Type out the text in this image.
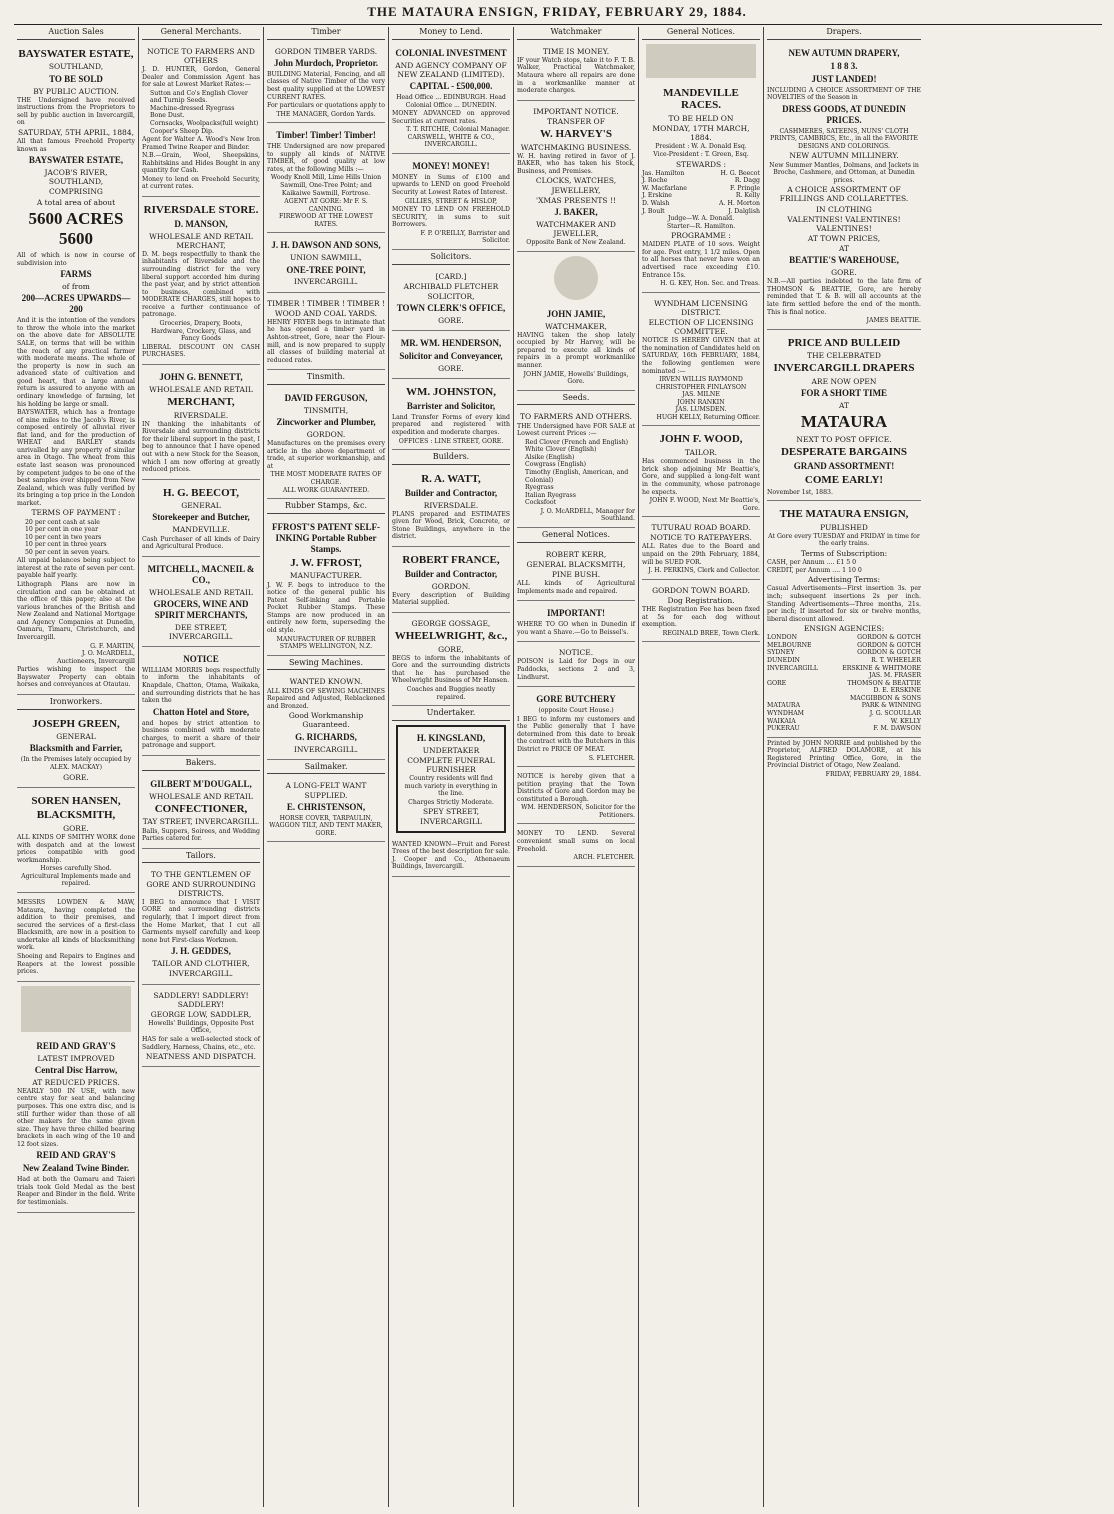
THE MATAURA ENSIGN, FRIDAY, FEBRUARY 29, 1884.
Auction Sales
BAYSWATER ESTATE,
SOUTHLAND,
TO BE SOLD
BY PUBLIC AUCTION.

THE Undersigned have received instructions from the Proprietors to sell by public auction in Invercargill, on

SATURDAY, 5TH APRIL, 1884,

All that famous Freehold Property known as

BAYSWATER ESTATE,
JACOB'S RIVER, SOUTHLAND,
COMPRISING
A total area of about
5600 ACRES 5600

All of which is now in course of subdivision into

FARMS
of from
200—ACRES UPWARDS—200

And it is the intention of the vendors to throw the whole into the market on the above date for ABSOLUTE SALE, on terms that will be within the reach of any practical farmer with moderate means. The whole of the property is now in such an advanced state of cultivation and good heart, that a large annual return is assured to anyone with an ordinary knowledge of farming, let his holding be large or small.

BAYSWATER, which has a frontage of nine miles to the Jacob's River, is composed entirely of alluvial river flat land, and for the production of WHEAT and BARLEY stands unrivalled by any property of similar area in Otago. The wheat from this estate last season was pronounced by competent judges to be one of the best samples ever shipped from New Zealand, which was fully verified by its bringing a top price in the London market.

TERMS OF PAYMENT :
20 per cent cash at sale
10 per cent in one year
10 per cent in two years
10 per cent in three years
50 per cent in seven years.

All unpaid balances being subject to interest at the rate of seven per cent. payable half yearly.

Lithograph Plans are now in circulation and can be obtained at the office of this paper; also at the various branches of the British and New Zealand and National Mortgage and Agency Companies at Dunedin, Oamaru, Timaru, Christchurch, and Invercargill.

G. F. MARTIN,
J. O. McARDELL,
Auctioneers, Invercargill

Parties wishing to inspect the Bayswater Property can obtain horses and conveyances at Otautau.

Ironworkers.
JOSEPH GREEN,
GENERAL
Blacksmith and Farrier,
(In the Premises lately occupied by ALEX. MACKAY)
GORE.
SOREN HANSEN,
BLACKSMITH,
GORE.

ALL KINDS OF SMITHY WORK done with despatch and at the lowest prices compatible with good workmanship.

Horses carefully Shod.
Agricultural Implements made and repaired.

MESSRS LOWDEN & MAW, Mataura, having completed the addition to their premises, and secured the services of a first-class Blacksmith, are now in a position to undertake all kinds of blacksmithing work.

Shoeing and Repairs to Engines and Reapers at the lowest possible prices.

REID AND GRAY'S
LATEST IMPROVED
Central Disc Harrow,
AT REDUCED PRICES.

NEARLY 500 IN USE, with new centre stay for seat and balancing purposes. This one extra disc, and is still further wider than those of all other makers for the same given size. They have three chilled bearing brackets in each wing of the 10 and 12 foot sizes.

REID AND GRAY'S
New Zealand Twine Binder.

Had at both the Oamaru and Taieri trials took Gold Medal as the best Reaper and Binder in the field. Write for testimonials.

General Merchants.
NOTICE TO FARMERS AND OTHERS

J. D. HUNTER, Gordon, General Dealer and Commission Agent has for sale at Lowest Market Rates:—

Sutton and Co's English Clover and Turnip Seeds.
Machine-dressed Ryegrass
Bone Dust.
Cornsacks, Woolpacks(full weight)
Cooper's Sheep Dip.

Agent for Walter A. Wood's New Iron Framed Twine Reaper and Binder.

N.B.—Grain, Wool, Sheepskins, Rabbitskins and Hides Bought in any quantity for Cash.

Money to lend on Freehold Security, at current rates.

RIVERSDALE STORE.
D. MANSON,
WHOLESALE AND RETAIL MERCHANT,

D. M. begs respectfully to thank the inhabitants of Riversdale and the surrounding district for the very liberal support accorded him during the past year, and by strict attention to business, combined with MODERATE CHARGES, still hopes to receive a further continuance of patronage.

Groceries, Drapery, Boots, Hardware, Crockery, Glass, and Fancy Goods

LIBERAL DISCOUNT ON CASH PURCHASES.

JOHN G. BENNETT,
WHOLESALE AND RETAIL
MERCHANT,
RIVERSDALE.

IN thanking the inhabitants of Riversdale and surrounding districts for their liberal support in the past, I beg to announce that I have opened out with a new Stock for the Season, which I am now offering at greatly reduced prices.

H. G. BEECOT,
GENERAL
Storekeeper and Butcher,
MANDEVILLE.

Cash Purchaser of all kinds of Dairy and Agricultural Produce.

MITCHELL, MACNEIL & CO.,
WHOLESALE AND RETAIL
GROCERS, WINE AND SPIRIT MERCHANTS,
DEE STREET, INVERCARGILL.
NOTICE

WILLIAM MORRIS begs respectfully to inform the inhabitants of Knapdale, Chatton, Otama, Waikaka, and surrounding districts that he has taken the

Chatton Hotel and Store,

and hopes by strict attention to business combined with moderate charges, to merit a share of their patronage and support.

Bakers.
GILBERT M'DOUGALL,
WHOLESALE AND RETAIL
CONFECTIONER,
TAY STREET, INVERCARGILL.

Balls, Suppers, Soirees, and Wedding Parties catered for.

Tailors.
TO THE GENTLEMEN OF GORE AND SURROUNDING DISTRICTS.

I BEG to announce that I VISIT GORE and surrounding districts regularly, that I import direct from the Home Market, that I cut all Garments myself carefully and keep none but First-class Workmen.

J. H. GEDDES,
TAILOR AND CLOTHIER,
INVERCARGILL.
SADDLERY! SADDLERY! SADDLERY!
GEORGE LOW, SADDLER,
Howells' Buildings, Opposite Post Office,

HAS for sale a well-selected stock of Saddlery, Harness, Chains, etc., etc.

NEATNESS AND DISPATCH.
Timber
GORDON TIMBER YARDS.
John Murdoch, Proprietor.

BUILDING Material, Fencing, and all classes of Native Timber of the very best quality supplied at the LOWEST CURRENT RATES.

For particulars or quotations apply to

THE MANAGER, Gordon Yards.
Timber! Timber! Timber!

THE Undersigned are now prepared to supply all kinds of NATIVE TIMBER, of good quality at low rates, at the following Mills :—

Woody Knoll Mill, Lime Hills Union Sawmill, One-Tree Point; and Kaikaiwe Sawmill, Fortrose.

AGENT AT GORE: Mr F. S. CANNING.
FIREWOOD AT THE LOWEST RATES.
J. H. DAWSON AND SONS,
UNION SAWMILL,
ONE-TREE POINT,
INVERCARGILL.
TIMBER ! TIMBER ! TIMBER !
WOOD AND COAL YARDS.

HENRY FRYER begs to intimate that he has opened a timber yard in Ashton-street, Gore, near the Flour-mill, and is now prepared to supply all classes of building material at reduced rates.

Tinsmith.
DAVID FERGUSON,
TINSMITH,
Zincworker and Plumber,
GORDON.

Manufactures on the premises every article in the above department of trade, at superior workmanship, and at

THE MOST MODERATE RATES OF CHARGE.
ALL WORK GUARANTEED.
Rubber Stamps, &c.
FFROST'S PATENT SELF-INKING Portable Rubber Stamps.
J. W. FFROST,
MANUFACTURER.

J. W. F. begs to introduce to the notice of the general public his Patent Self-inking and Portable Pocket Rubber Stamps. These Stamps are now produced in an entirely new form, superseding the old style.

MANUFACTURER OF RUBBER STAMPS WELLINGTON, N.Z.
Sewing Machines.
WANTED KNOWN.

ALL KINDS OF SEWING MACHINES Repaired and Adjusted, Reblackened and Bronzed.

Good Workmanship Guaranteed.
G. RICHARDS,
INVERCARGILL.
Sailmaker.
A LONG-FELT WANT SUPPLIED.
E. CHRISTENSON,
HORSE COVER, TARPAULIN, WAGGON TILT, AND TENT MAKER, GORE.
Money to Lend.
COLONIAL INVESTMENT
AND AGENCY COMPANY OF NEW ZEALAND (LIMITED).
CAPITAL - £500,000.
Head Office ... EDINBURGH. Head Colonial Office ... DUNEDIN.

MONEY ADVANCED on approved Securities at current rates.

T. T. RITCHIE, Colonial Manager.
CARSWELL, WHITE & CO., INVERCARGILL.
MONEY! MONEY!

MONEY in Sums of £100 and upwards to LEND on good Freehold Security at Lowest Rates of Interest.

GILLIES, STREET & HISLOP,

MONEY TO LEND ON FREEHOLD SECURITY, in sums to suit Borrowers.

F. P. O'REILLY, Barrister and Solicitor.
Solicitors.
[CARD.]
ARCHIBALD FLETCHER
SOLICITOR,
TOWN CLERK'S OFFICE,
GORE.
MR. WM. HENDERSON,
Solicitor and Conveyancer,
GORE.
WM. JOHNSTON,
Barrister and Solicitor,

Land Transfer Forms of every kind prepared and registered with expedition and moderate charges.

OFFICES : LINE STREET, GORE.
Builders.
R. A. WATT,
Builder and Contractor,
RIVERSDALE.

PLANS prepared and ESTIMATES given for Wood, Brick, Concrete, or Stone Buildings, anywhere in the district.

ROBERT FRANCE,
Builder and Contractor,
GORDON.

Every description of Building Material supplied.

GEORGE GOSSAGE,
WHEELWRIGHT, &c.,
GORE,

BEGS to inform the inhabitants of Gore and the surrounding districts that he has purchased the Wheelwright Business of Mr Hansen.

Coaches and Buggies neatly repaired.
Undertaker.
H. KINGSLAND,
UNDERTAKER
COMPLETE FUNERAL FURNISHER

Country residents will find much variety in everything in the line.

Charges Strictly Moderate.
SPEY STREET, INVERCARGILL

WANTED KNOWN—Fruit and Forest Trees of the best description for sale. J. Cooper and Co., Athenaeum Buildings, Invercargill.

Watchmaker
TIME IS MONEY.

IF your Watch stops, take it to F. T. B. Walker, Practical Watchmaker, Mataura where all repairs are done in a workmanlike manner at moderate charges.

IMPORTANT NOTICE.
TRANSFER OF
W. HARVEY'S
WATCHMAKING BUSINESS.

W. H. having retired in favor of J. BAKER, who has taken his Stock, Business, and Premises.

CLOCKS, WATCHES, JEWELLERY,
'XMAS PRESENTS !!
J. BAKER,
WATCHMAKER AND JEWELLER,
Opposite Bank of New Zealand.
JOHN JAMIE,
WATCHMAKER,

HAVING taken the shop lately occupied by Mr Harvey, will be prepared to execute all kinds of repairs in a prompt workmanlike manner.

JOHN JAMIE, Howells' Buildings, Gore.
Seeds.
TO FARMERS AND OTHERS.

THE Undersigned have FOR SALE at Lowest current Prices :—

Red Clover (French and English)
White Clover (English)
Alsike (English)
Cowgrass (English)
Timothy (English, American, and Colonial)
Ryegrass
Italian Ryegrass
Cocksfoot
J. O. McARDELL, Manager for Southland.
General Notices.
ROBERT KERR,
GENERAL BLACKSMITH,
PINE BUSH.

ALL kinds of Agricultural Implements made and repaired.

IMPORTANT!

WHERE TO GO when in Dunedin if you want a Shave.—Go to Beissel's.

NOTICE.

POISON is Laid for Dogs in our Paddocks, sections 2 and 3, Lindhurst.

GORE BUTCHERY
(opposite Court House.)

I BEG to inform my customers and the Public generally that I have determined from this date to break the contract with the Butchers in this District re PRICE OF MEAT.

S. FLETCHER.

NOTICE is hereby given that a petition praying that the Town Districts of Gore and Gordon may be constituted a Borough.

WM. HENDERSON, Solicitor for the Petitioners.

MONEY TO LEND. Several convenient small sums on local Freehold.

ARCH. FLETCHER.
General Notices.
MANDEVILLE RACES.
TO BE HELD ON
MONDAY, 17TH MARCH, 1884.
President : W. A. Donald Esq.
Vice-President : T. Green, Esq.
STEWARDS :
Jas. Hamilton	H. G. Beecot
J. Roche	R. Dagg
W. Macfarlane	F. Pringle
J. Erskine	R. Kelly
D. Walsh	A. H. Morton
J. Boult	J. Dalglish
Judge—W. A. Donald.
Starter—R. Hamilton.
PROGRAMME :

MAIDEN PLATE of 10 sovs. Weight for age. Post entry, 1 1/2 miles. Open to all horses that never have won an advertised race exceeding £10. Entrance 15s.

H. G. KEY, Hon. Sec. and Treas.
WYNDHAM LICENSING DISTRICT.
ELECTION OF LICENSING COMMITTEE.

NOTICE IS HEREBY GIVEN that at the nomination of Candidates held on SATURDAY, 16th FEBRUARY, 1884, the following gentlemen were nominated :—

IRVEN WILLIS RAYMOND
CHRISTOPHER FINLAYSON
JAS. MILNE
JOHN RANKIN
JAS. LUMSDEN.
HUGH KELLY, Returning Officer.
JOHN F. WOOD,
TAILOR.

Has commenced business in the brick shop adjoining Mr Beattie's, Gore, and supplied a long-felt want in the community, whose patronage he expects.

JOHN F. WOOD, Next Mr Beattie's, Gore.
TUTURAU ROAD BOARD.
NOTICE TO RATEPAYERS.

ALL Rates due to the Board and unpaid on the 29th February, 1884, will be SUED FOR.

J. H. PERKINS, Clerk and Collector.
GORDON TOWN BOARD.
Dog Registration.

THE Registration Fee has been fixed at 5s for each dog without exemption.

REGINALD BREE, Town Clerk.
Drapers.
NEW AUTUMN DRAPERY,
1 8 8 3.
JUST LANDED!

INCLUDING A CHOICE ASSORTMENT OF THE NOVELTIES of the Season in

DRESS GOODS, AT DUNEDIN PRICES.

CASHMERES, SATEENS, NUNS' CLOTH PRINTS, CAMBRICS, Etc., in all the FAVORITE DESIGNS AND COLORINGS.

NEW AUTUMN MILLINERY.

New Summer Mantles, Dolmans, and Jackets in Broche, Cashmere, and Ottoman, at Dunedin prices.

A CHOICE ASSORTMENT OF FRILLINGS AND COLLARETTES.
IN CLOTHING
VALENTINES! VALENTINES! VALENTINES!
AT TOWN PRICES,
AT
BEATTIE'S WAREHOUSE,
GORE.

N.B.—All parties indebted to the late firm of THOMSON & BEATTIE, Gore, are hereby reminded that T. & B. will all accounts at the late firm settled before the end of the month. This is final notice.

JAMES BEATTIE.
PRICE AND BULLEID
THE CELEBRATED
INVERCARGILL DRAPERS
ARE NOW OPEN
FOR A SHORT TIME
AT
MATAURA
NEXT TO POST OFFICE.
DESPERATE BARGAINS
GRAND ASSORTMENT!
COME EARLY!
November 1st, 1883.
THE MATAURA ENSIGN,
PUBLISHED

At Gore every TUESDAY and FRIDAY in time for the early trains.

Terms of Subscription:
CASH, per Annum .... £1 5 0
CREDIT, per Annum .... 1 10 0
Advertising Terms:

Casual Advertisements—First insertion 3s. per inch; subsequent insertions 2s per inch. Standing Advertisements—Three months, 21s. per inch; If inserted for six or twelve months, liberal discount allowed.

ENSIGN AGENCIES:
LONDON	GORDON & GOTCH
MELBOURNE	GORDON & GOTCH
SYDNEY	GORDON & GOTCH
DUNEDIN	R. T. WHEELER
INVERCARGILL	ERSKINE & WHITMORE
JAS. M. FRASER
GORE	THOMSON & BEATTIE
D. E. ERSKINE
MACGIBBON & SONS
MATAURA	PARK & WINNING
WYNDHAM	J. G. SCOULLAR
WAIKAIA	W. KELLY
PUKERAU	F. M. DAWSON

Printed by JOHN NORRIE and published by the Proprietor, ALFRED DOLAMORE, at his Registered Printing Office, Gore, in the Provincial District of Otago, New Zealand.

FRIDAY, FEBRUARY 29, 1884.
